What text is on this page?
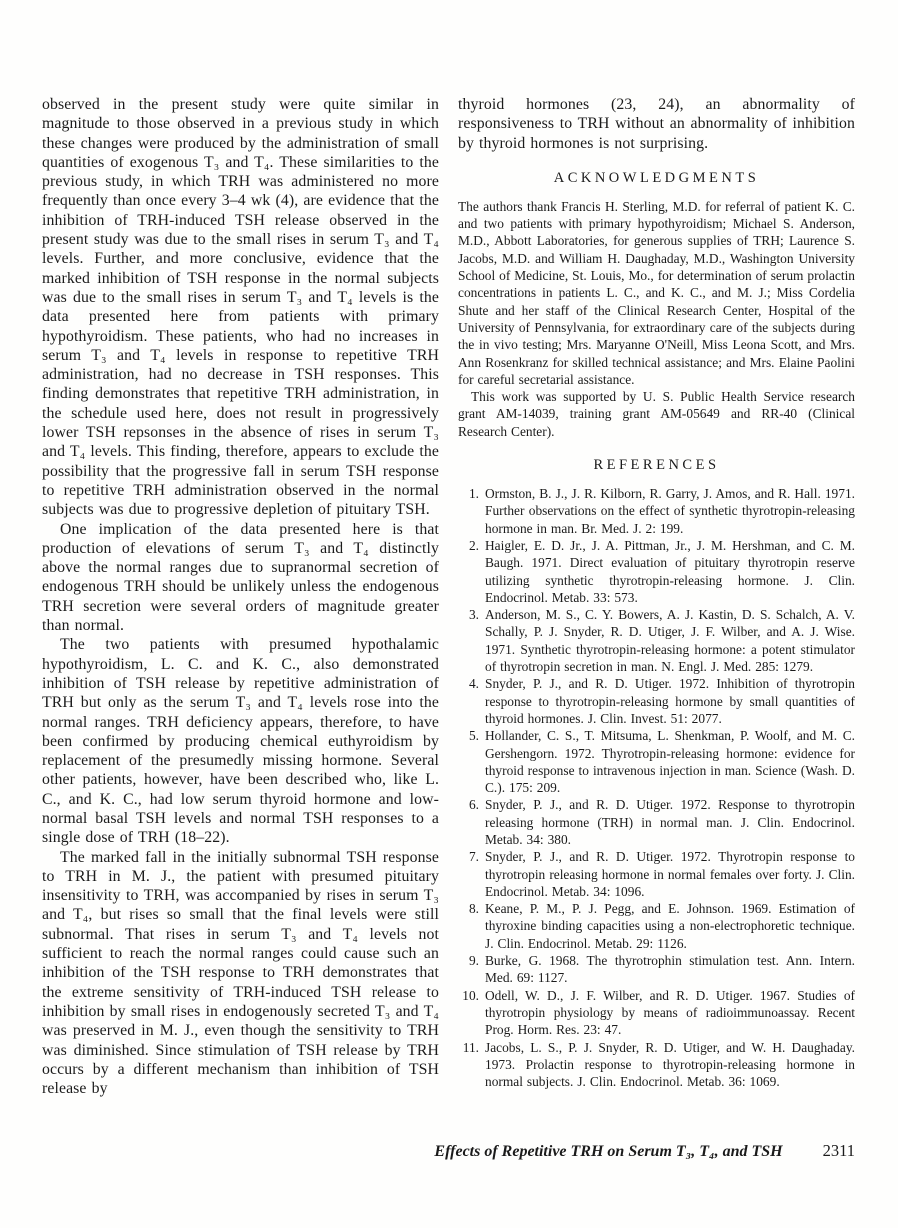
observed in the present study were quite similar in magnitude to those observed in a previous study in which these changes were produced by the administration of small quantities of exogenous T₃ and T₄. These similarities to the previous study, in which TRH was administered no more frequently than once every 3–4 wk (4), are evidence that the inhibition of TRH-induced TSH release observed in the present study was due to the small rises in serum T₃ and T₄ levels. Further, and more conclusive, evidence that the marked inhibition of TSH response in the normal subjects was due to the small rises in serum T₃ and T₄ levels is the data presented here from patients with primary hypothyroidism. These patients, who had no increases in serum T₃ and T₄ levels in response to repetitive TRH administration, had no decrease in TSH responses. This finding demonstrates that repetitive TRH administration, in the schedule used here, does not result in progressively lower TSH repsonses in the absence of rises in serum T₃ and T₄ levels. This finding, therefore, appears to exclude the possibility that the progressive fall in serum TSH response to repetitive TRH administration observed in the normal subjects was due to progressive depletion of pituitary TSH.

One implication of the data presented here is that production of elevations of serum T₃ and T₄ distinctly above the normal ranges due to supranormal secretion of endogenous TRH should be unlikely unless the endogenous TRH secretion were several orders of magnitude greater than normal.

The two patients with presumed hypothalamic hypothyroidism, L. C. and K. C., also demonstrated inhibition of TSH release by repetitive administration of TRH but only as the serum T₃ and T₄ levels rose into the normal ranges. TRH deficiency appears, therefore, to have been confirmed by producing chemical euthyroidism by replacement of the presumedly missing hormone. Several other patients, however, have been described who, like L. C., and K. C., had low serum thyroid hormone and low-normal basal TSH levels and normal TSH responses to a single dose of TRH (18–22).

The marked fall in the initially subnormal TSH response to TRH in M. J., the patient with presumed pituitary insensitivity to TRH, was accompanied by rises in serum T₃ and T₄, but rises so small that the final levels were still subnormal. That rises in serum T₃ and T₄ levels not sufficient to reach the normal ranges could cause such an inhibition of the TSH response to TRH demonstrates that the extreme sensitivity of TRH-induced TSH release to inhibition by small rises in endogenously secreted T₃ and T₄ was preserved in M. J., even though the sensitivity to TRH was diminished. Since stimulation of TSH release by TRH occurs by a different mechanism than inhibition of TSH release by

thyroid hormones (23, 24), an abnormality of responsiveness to TRH without an abnormality of inhibition by thyroid hormones is not surprising.

ACKNOWLEDGMENTS

The authors thank Francis H. Sterling, M.D. for referral of patient K. C. and two patients with primary hypothyroidism; Michael S. Anderson, M.D., Abbott Laboratories, for generous supplies of TRH; Laurence S. Jacobs, M.D. and William H. Daughaday, M.D., Washington University School of Medicine, St. Louis, Mo., for determination of serum prolactin concentrations in patients L. C., and K. C., and M. J.; Miss Cordelia Shute and her staff of the Clinical Research Center, Hospital of the University of Pennsylvania, for extraordinary care of the subjects during the in vivo testing; Mrs. Maryanne O'Neill, Miss Leona Scott, and Mrs. Ann Rosenkranz for skilled technical assistance; and Mrs. Elaine Paolini for careful secretarial assistance.

This work was supported by U. S. Public Health Service research grant AM-14039, training grant AM-05649 and RR-40 (Clinical Research Center).

REFERENCES
1. Ormston, B. J., J. R. Kilborn, R. Garry, J. Amos, and R. Hall. 1971. Further observations on the effect of synthetic thyrotropin-releasing hormone in man. Br. Med. J. 2: 199.
2. Haigler, E. D. Jr., J. A. Pittman, Jr., J. M. Hershman, and C. M. Baugh. 1971. Direct evaluation of pituitary thyrotropin reserve utilizing synthetic thyrotropin-releasing hormone. J. Clin. Endocrinol. Metab. 33: 573.
3. Anderson, M. S., C. Y. Bowers, A. J. Kastin, D. S. Schalch, A. V. Schally, P. J. Snyder, R. D. Utiger, J. F. Wilber, and A. J. Wise. 1971. Synthetic thyrotropin-releasing hormone: a potent stimulator of thyrotropin secretion in man. N. Engl. J. Med. 285: 1279.
4. Snyder, P. J., and R. D. Utiger. 1972. Inhibition of thyrotropin response to thyrotropin-releasing hormone by small quantities of thyroid hormones. J. Clin. Invest. 51: 2077.
5. Hollander, C. S., T. Mitsuma, L. Shenkman, P. Woolf, and M. C. Gershengorn. 1972. Thyrotropin-releasing hormone: evidence for thyroid response to intravenous injection in man. Science (Wash. D. C.). 175: 209.
6. Snyder, P. J., and R. D. Utiger. 1972. Response to thyrotropin releasing hormone (TRH) in normal man. J. Clin. Endocrinol. Metab. 34: 380.
7. Snyder, P. J., and R. D. Utiger. 1972. Thyrotropin response to thyrotropin releasing hormone in normal females over forty. J. Clin. Endocrinol. Metab. 34: 1096.
8. Keane, P. M., P. J. Pegg, and E. Johnson. 1969. Estimation of thyroxine binding capacities using a non-electrophoretic technique. J. Clin. Endocrinol. Metab. 29: 1126.
9. Burke, G. 1968. The thyrotrophin stimulation test. Ann. Intern. Med. 69: 1127.
10. Odell, W. D., J. F. Wilber, and R. D. Utiger. 1967. Studies of thyrotropin physiology by means of radioimmunoassay. Recent Prog. Horm. Res. 23: 47.
11. Jacobs, L. S., P. J. Snyder, R. D. Utiger, and W. H. Daughaday. 1973. Prolactin response to thyrotropin-releasing hormone in normal subjects. J. Clin. Endocrinol. Metab. 36: 1069.
Effects of Repetitive TRH on Serum T₃, T₄, and TSH 2311
